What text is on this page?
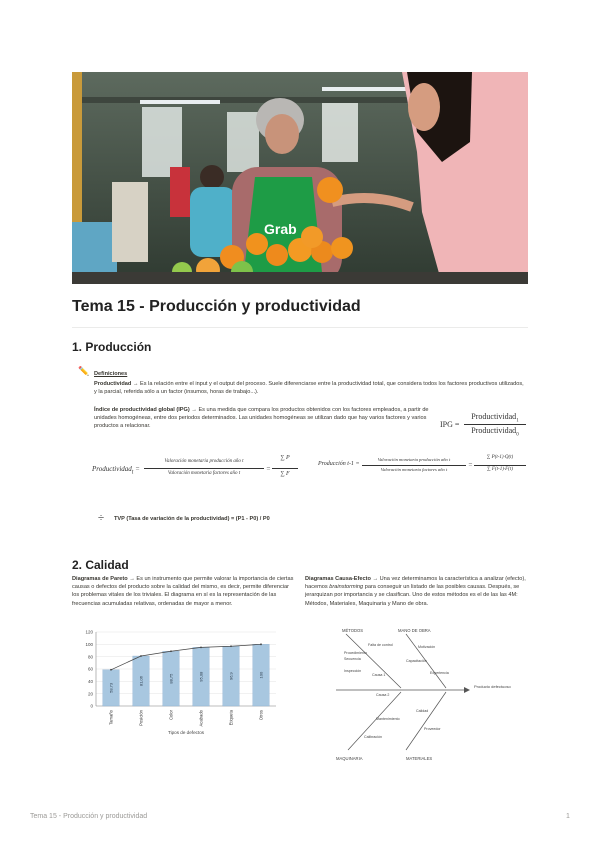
Grab
Tema 15 - Producción y productividad
1. Producción
✏️ Definiciones
Productividad → Es la relación entre el input y el output del proceso. Suele diferenciarse entre la productividad total, que considera todos los factores productivos utilizados, y la parcial, referida sólo a un factor (insumos, horas de trabajo...).
Índice de productividad global (IPG) → Es una medida que compara los productos obtenidos con los factores empleados, a partir de unidades homogéneas, entre dos periodos determinados. Las unidades homogéneas se utilizan dado que hay varios factores y varios productos a relacionar.	IPG =
Productividad$_1$
Productividad$_0$
Productividad$_t$ =
Valoración monetaria producción año t
Valoración monetaria factores año t
=
∑ P
∑ F
Producción t-1 =
Valoración monetaria producción año t
Valoración monetaria factores año t
=
∑ P(t-1)·Q(t)
∑ F(t-1)·F(t)
÷ TVP (Tasa de variación de la productividad) = (P1 - P0) / P0
2. Calidad
Diagramas de Pareto → Es un instrumento que permite valorar la importancia de ciertas causas o defectos del producto sobre la calidad del mismo, es decir, permite diferenciar los problemas vitales de los triviales. El diagrama en sí es la representación de las frecuencias acumuladas relativas, ordenadas de mayor a menor.
Diagramas Causa-Efecto → Una vez determinamos la característica a analizar (efecto), hacemos brainstorming para conseguir un listado de las posibles causas. Después, se jerarquizan por importancia y se clasifican. Uno de estos métodos es el de las las 4M: Métodos, Materiales, Maquinaria y Mano de obra.
0
20
40
60
80
100
120
58,73
Tamaño
81,06
Posición
88,75
Color
95,08
Acabado
96,9
Etiqueta
100
Otros
Tipos de defectos
MÉTODOS	MANO DE OBRA
MAQUINARIA	MATERIALES
Producto defectuoso
Procedimiento
Secuencia
Inspección
Falta de control
Capacitación
Motivación
Experiencia
Causa 1
Causa 2
Mantenimiento
Calibración
Calidad
Proveedor
Tema 15 - Producción y productividad	1
